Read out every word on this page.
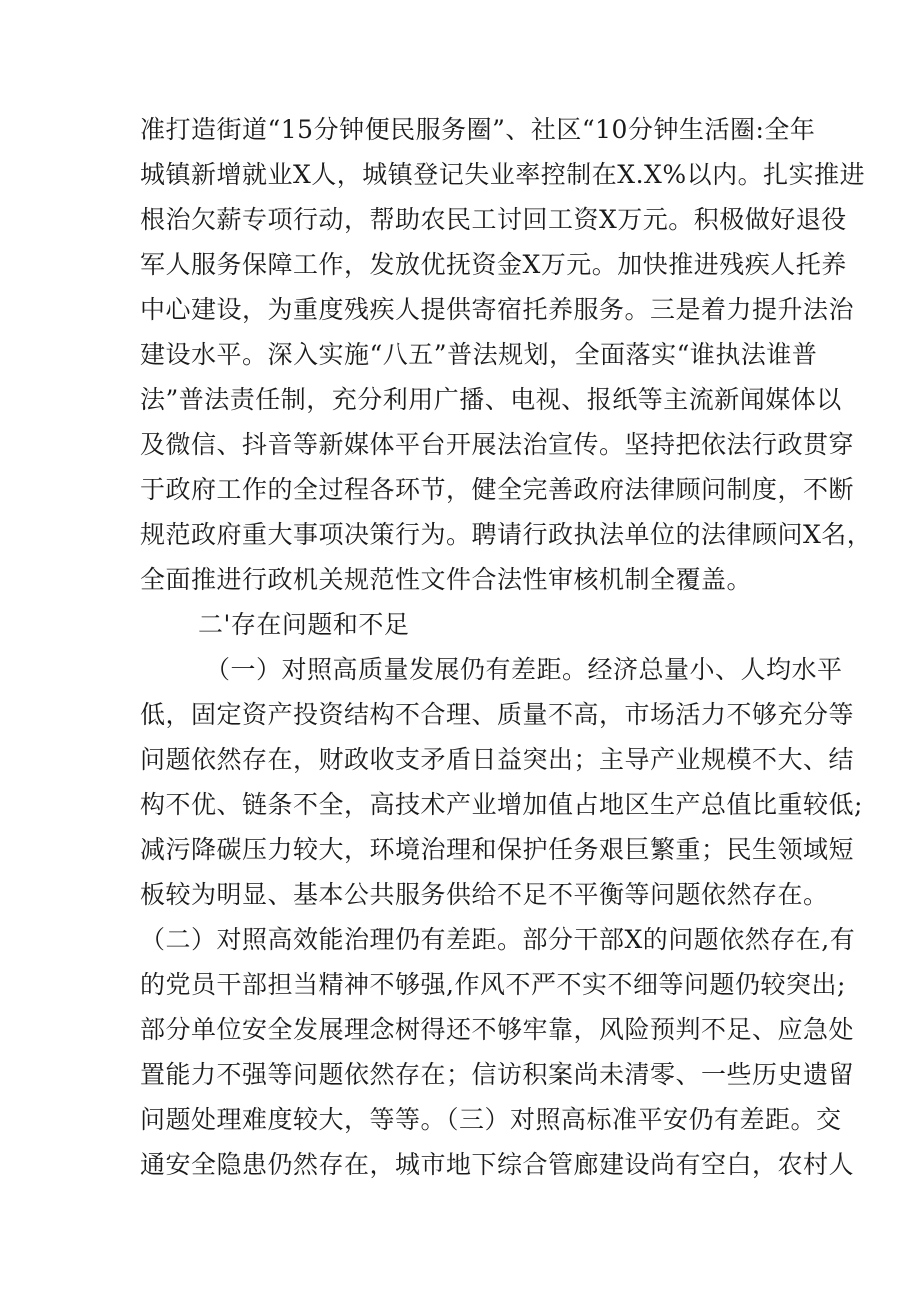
准打造街道“15分钟便民服务圈”、社区“10分钟生活圈:全年
城镇新增就业X人，城镇登记失业率控制在X.X%以内。扎实推进
根治欠薪专项行动，帮助农民工讨回工资X万元。积极做好退役
军人服务保障工作，发放优抚资金X万元。加快推进残疾人托养
中心建设，为重度残疾人提供寄宿托养服务。三是着力提升法治
建设水平。深入实施“八五”普法规划，全面落实“谁执法谁普
法”普法责任制，充分利用广播、电视、报纸等主流新闻媒体以
及微信、抖音等新媒体平台开展法治宣传。坚持把依法行政贯穿
于政府工作的全过程各环节，健全完善政府法律顾问制度，不断
规范政府重大事项决策行为。聘请行政执法单位的法律顾问X名，
全面推进行政机关规范性文件合法性审核机制全覆盖。
二'存在问题和不足
（一）对照高质量发展仍有差距。经济总量小、人均水平
低，固定资产投资结构不合理、质量不高，市场活力不够充分等
问题依然存在，财政收支矛盾日益突出；主导产业规模不大、结
构不优、链条不全，高技术产业增加值占地区生产总值比重较低;
减污降碳压力较大，环境治理和保护任务艰巨繁重；民生领域短
板较为明显、基本公共服务供给不足不平衡等问题依然存在。
（二）对照高效能治理仍有差距。部分干部X的问题依然存在,有
的党员干部担当精神不够强,作风不严不实不细等问题仍较突出;
部分单位安全发展理念树得还不够牢靠，风险预判不足、应急处
置能力不强等问题依然存在；信访积案尚未清零、一些历史遗留
问题处理难度较大，等等。（三）对照高标准平安仍有差距。交
通安全隐患仍然存在，城市地下综合管廊建设尚有空白，农村人
